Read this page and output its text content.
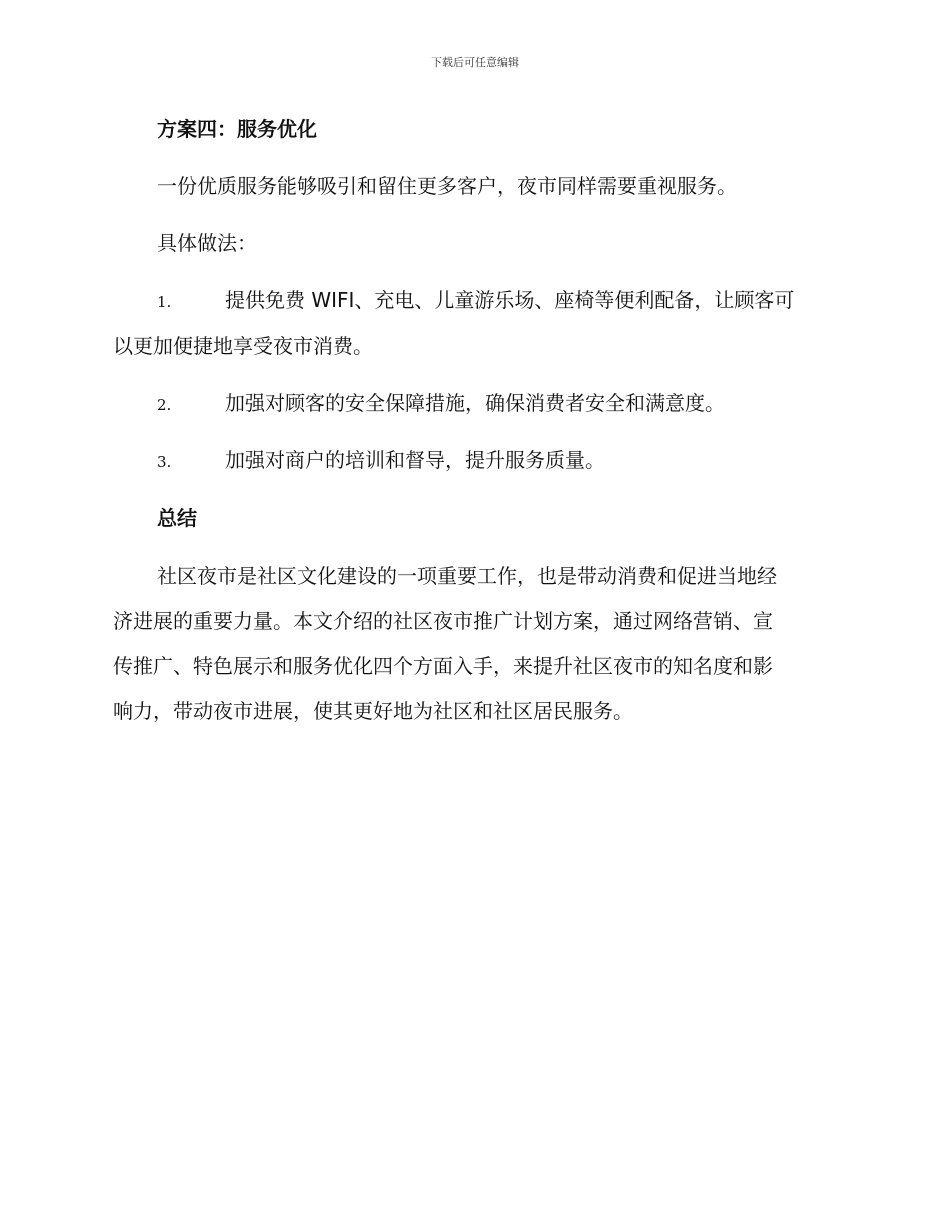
下载后可任意编辑
方案四：服务优化
一份优质服务能够吸引和留住更多客户，夜市同样需要重视服务。
具体做法：
1.	提供免费 WIFI、充电、儿童游乐场、座椅等便利配备，让顾客可
以更加便捷地享受夜市消费。
2.	加强对顾客的安全保障措施，确保消费者安全和满意度。
3.	加强对商户的培训和督导，提升服务质量。
总结
社区夜市是社区文化建设的一项重要工作，也是带动消费和促进当地经
济进展的重要力量。本文介绍的社区夜市推广计划方案，通过网络营销、宣
传推广、特色展示和服务优化四个方面入手，来提升社区夜市的知名度和影
响力，带动夜市进展，使其更好地为社区和社区居民服务。
